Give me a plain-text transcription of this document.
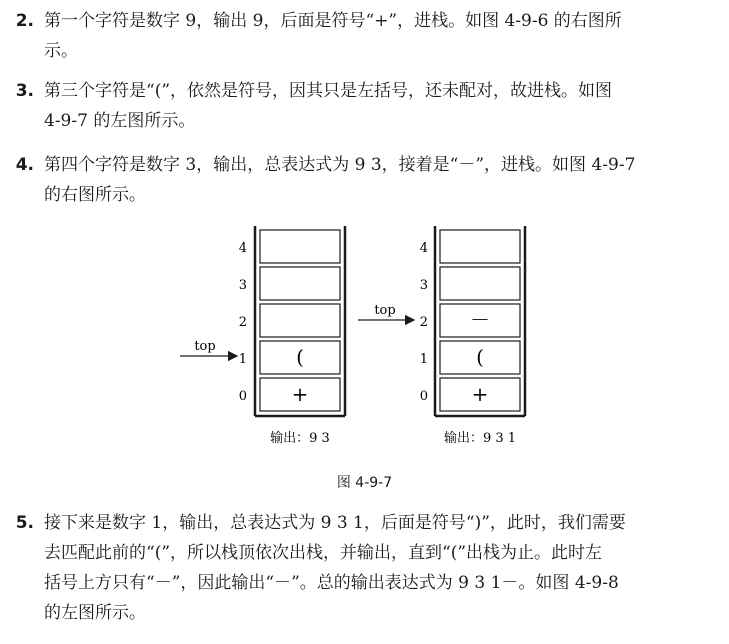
2. 第一个字符是数字 9，输出 9，后面是符号“+”，进栈。如图 4-9-6 的右图所
示。
3. 第三个字符是“(”，依然是符号，因其只是左括号，还未配对，故进栈。如图
4-9-7 的左图所示。
4. 第四个字符是数字 3，输出，总表达式为 9 3，接着是“－”，进栈。如图 4-9-7
的右图所示。
4
3
2
1
0
(
+
top
输出：9 3
4
3
2
1
0
－
(
+
top
输出：9 3 1
图 4-9-7
5. 接下来是数字 1，输出，总表达式为 9 3 1，后面是符号“)”，此时，我们需要
去匹配此前的“(”，所以栈顶依次出栈，并输出，直到“(”出栈为止。此时左
括号上方只有“－”，因此输出“－”。总的输出表达式为 9 3 1－。如图 4-9-8
的左图所示。
